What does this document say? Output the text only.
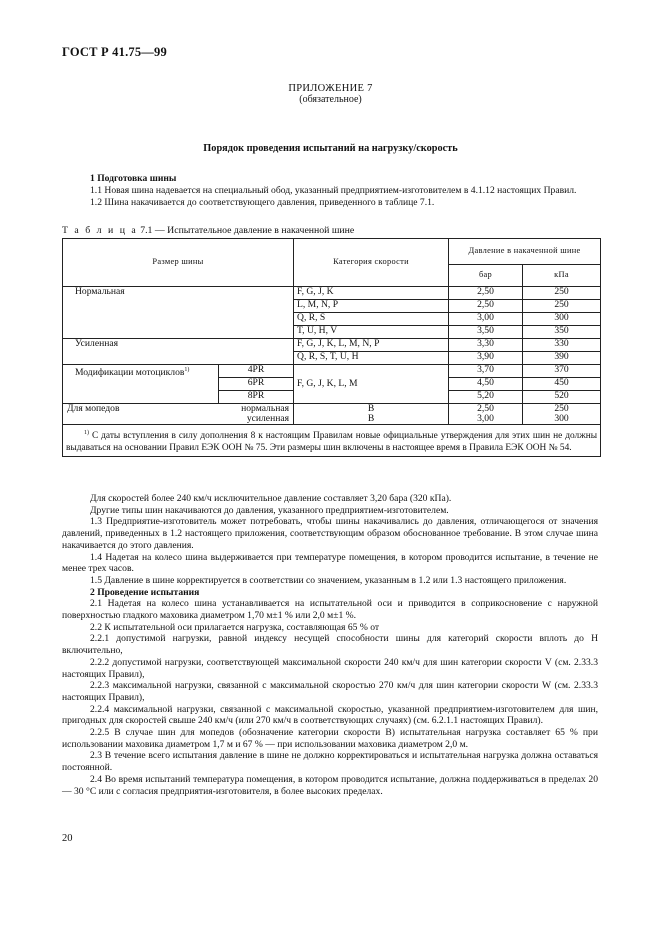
ГОСТ Р 41.75—99
ПРИЛОЖЕНИЕ 7
(обязательное)
Порядок проведения испытаний на нагрузку/скорость

1 Подготовка шины

1.1 Новая шина надевается на специальный обод, указанный предприятием-изготовителем в 4.1.12 настоящих Правил.

1.2 Шина накачивается до соответствующего давления, приведенного в таблице 7.1.

Т а б л и ц а 7.1 — Испытательное давление в накаченной шине
Размер шины		Категория скорости	Давление в накаченной шине	
			бар	кПа
Нормальная		F, G, J, K	2,50	250
		L, M, N, P	2,50	250
		Q, R, S	3,00	300
		T, U, H, V	3,50	350
Усиленная		F, G, J, K, L, M, N, P	3,30	330
		Q, R, S, T, U, H	3,90	390
Модификации мотоциклов$^{1)}$	4PR	F, G, J, K, L, M	3,70	370
	6PR		4,50	450
	8PR		5,20	520
Для мопедов	нормальная	В	2,50	250
	усиленная	В	3,00	300
$^{1)}$ С даты вступления в силу дополнения 8 к настоящим Правилам новые официальные утверждения для этих шин не должны выдаваться на основании Правил ЕЭК ООН № 75. Эти размеры шин включены в настоящее время в Правила ЕЭК ООН № 54.				

Для скоростей более 240 км/ч исключительное давление составляет 3,20 бара (320 кПа).

Другие типы шин накачиваются до давления, указанного предприятием-изготовителем.

1.3 Предприятие-изготовитель может потребовать, чтобы шины накачивались до давления, отличающегося от значения давлений, приведенных в 1.2 настоящего приложения, соответствующим образом обоснованное требование. В этом случае шина накачивается до этого давления.

1.4 Надетая на колесо шина выдерживается при температуре помещения, в котором проводится испытание, в течение не менее трех часов.

1.5 Давление в шине корректируется в соответствии со значением, указанным в 1.2 или 1.3 настоящего приложения.

2 Проведение испытания

2.1 Надетая на колесо шина устанавливается на испытательной оси и приводится в соприкосновение с наружной поверхностью гладкого маховика диаметром 1,70 м±1 % или 2,0 м±1 %.

2.2 К испытательной оси прилагается нагрузка, составляющая 65 % от

2.2.1 допустимой нагрузки, равной индексу несущей способности шины для категорий скорости вплоть до Н включительно,

2.2.2 допустимой нагрузки, соответствующей максимальной скорости 240 км/ч для шин категории скорости V (см. 2.33.3 настоящих Правил),

2.2.3 максимальной нагрузки, связанной с максимальной скоростью 270 км/ч для шин категории скорости W (см. 2.33.3 настоящих Правил),

2.2.4 максимальной нагрузки, связанной с максимальной скоростью, указанной предприятием-изготовителем для шин, пригодных для скоростей свыше 240 км/ч (или 270 км/ч в соответствующих случаях) (см. 6.2.1.1 настоящих Правил).

2.2.5 В случае шин для мопедов (обозначение категории скорости В) испытательная нагрузка составляет 65 % при использовании маховика диаметром 1,7 м и 67 % — при использовании маховика диаметром 2,0 м.

2.3 В течение всего испытания давление в шине не должно корректироваться и испытательная нагрузка должна оставаться постоянной.

2.4 Во время испытаний температура помещения, в котором проводится испытание, должна поддерживаться в пределах 20 — 30 °С или с согласия предприятия-изготовителя, в более высоких пределах.

20
